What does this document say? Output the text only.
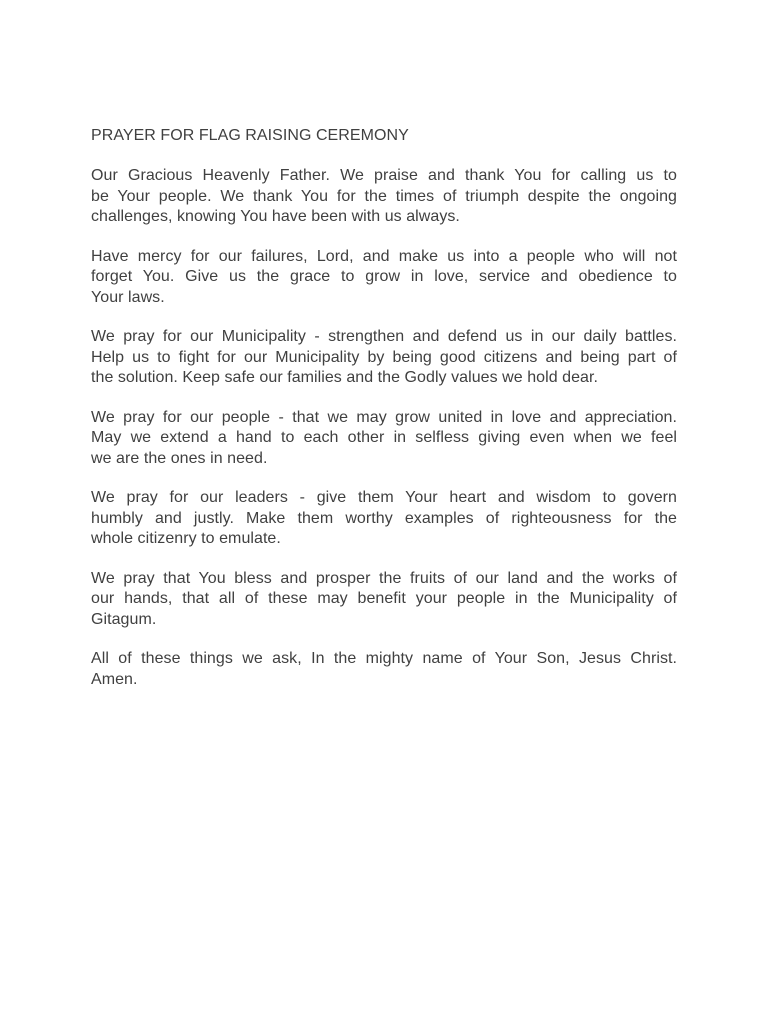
PRAYER FOR FLAG RAISING CEREMONY
Our Gracious Heavenly Father. We praise and thank You for calling us to
be Your people. We thank You for the times of triumph despite the ongoing
challenges, knowing You have been with us always.
Have mercy for our failures, Lord, and make us into a people who will not
forget You. Give us the grace to grow in love, service and obedience to
Your laws.
We pray for our Municipality - strengthen and defend us in our daily battles.
Help us to fight for our Municipality by being good citizens and being part of
the solution. Keep safe our families and the Godly values we hold dear.
We pray for our people - that we may grow united in love and appreciation.
May we extend a hand to each other in selfless giving even when we feel
we are the ones in need.
We pray for our leaders - give them Your heart and wisdom to govern
humbly and justly. Make them worthy examples of righteousness for the
whole citizenry to emulate.
We pray that You bless and prosper the fruits of our land and the works of
our hands, that all of these may benefit your people in the Municipality of
Gitagum.
All of these things we ask, In the mighty name of Your Son, Jesus Christ.
Amen.
